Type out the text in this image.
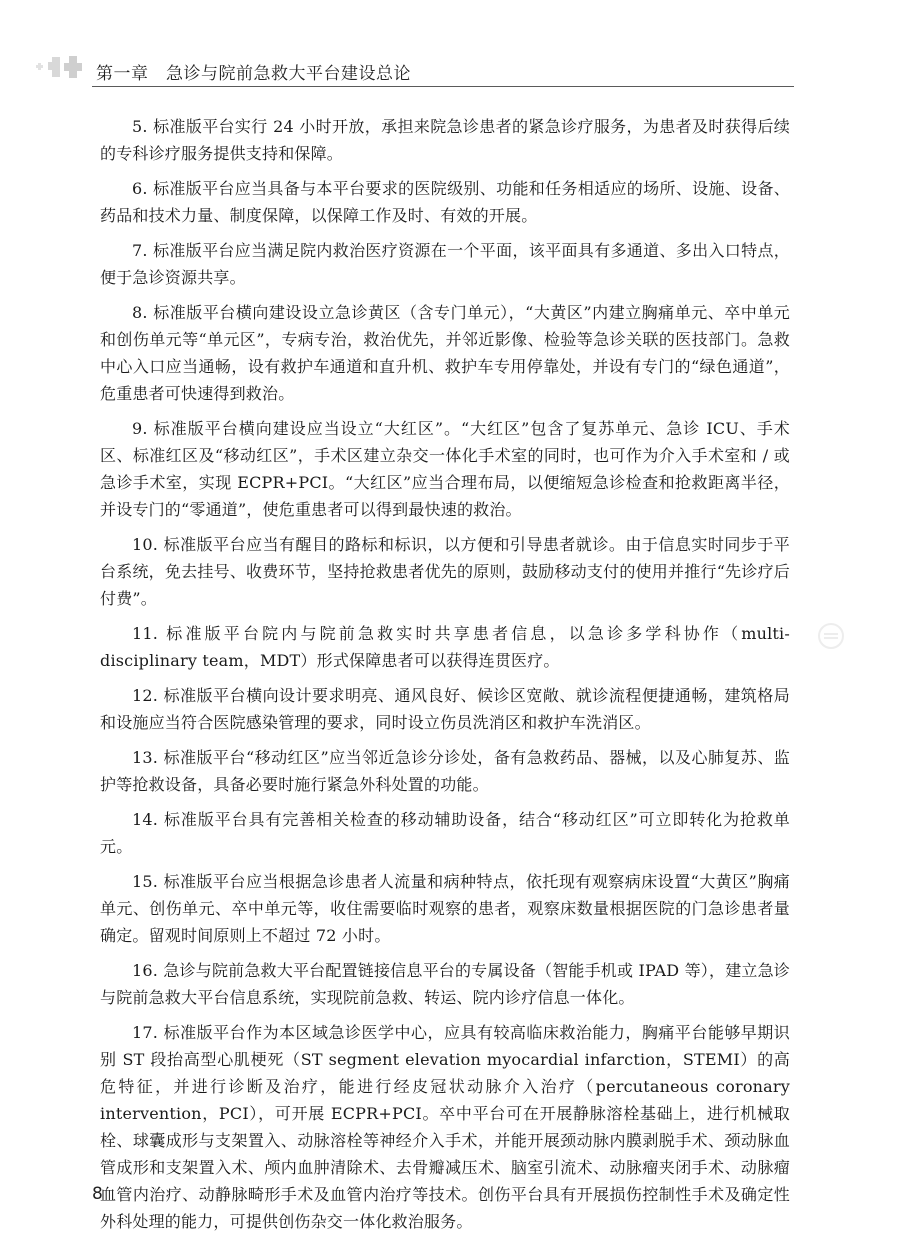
第一章　急诊与院前急救大平台建设总论

5. 标准版平台实行 24 小时开放，承担来院急诊患者的紧急诊疗服务，为患者及时获得后续的专科诊疗服务提供支持和保障。

6. 标准版平台应当具备与本平台要求的医院级别、功能和任务相适应的场所、设施、设备、药品和技术力量、制度保障，以保障工作及时、有效的开展。

7. 标准版平台应当满足院内救治医疗资源在一个平面，该平面具有多通道、多出入口特点，便于急诊资源共享。

8. 标准版平台横向建设设立急诊黄区（含专门单元），“大黄区”内建立胸痛单元、卒中单元和创伤单元等“单元区”，专病专治，救治优先，并邻近影像、检验等急诊关联的医技部门。急救中心入口应当通畅，设有救护车通道和直升机、救护车专用停靠处，并设有专门的“绿色通道”，危重患者可快速得到救治。

9. 标准版平台横向建设应当设立“大红区”。“大红区”包含了复苏单元、急诊 ICU、手术区、标准红区及“移动红区”，手术区建立杂交一体化手术室的同时，也可作为介入手术室和 / 或急诊手术室，实现 ECPR+PCI。“大红区”应当合理布局，以便缩短急诊检查和抢救距离半径，并设专门的“零通道”，使危重患者可以得到最快速的救治。

10. 标准版平台应当有醒目的路标和标识，以方便和引导患者就诊。由于信息实时同步于平台系统，免去挂号、收费环节，坚持抢救患者优先的原则，鼓励移动支付的使用并推行“先诊疗后付费”。

11. 标准版平台院内与院前急救实时共享患者信息，以急诊多学科协作（multi-disciplinary team，MDT）形式保障患者可以获得连贯医疗。

12. 标准版平台横向设计要求明亮、通风良好、候诊区宽敞、就诊流程便捷通畅，建筑格局和设施应当符合医院感染管理的要求，同时设立伤员洗消区和救护车洗消区。

13. 标准版平台“移动红区”应当邻近急诊分诊处，备有急救药品、器械，以及心肺复苏、监护等抢救设备，具备必要时施行紧急外科处置的功能。

14. 标准版平台具有完善相关检查的移动辅助设备，结合“移动红区”可立即转化为抢救单元。

15. 标准版平台应当根据急诊患者人流量和病种特点，依托现有观察病床设置“大黄区”胸痛单元、创伤单元、卒中单元等，收住需要临时观察的患者，观察床数量根据医院的门急诊患者量确定。留观时间原则上不超过 72 小时。

16. 急诊与院前急救大平台配置链接信息平台的专属设备（智能手机或 IPAD 等），建立急诊与院前急救大平台信息系统，实现院前急救、转运、院内诊疗信息一体化。

17. 标准版平台作为本区域急诊医学中心，应具有较高临床救治能力，胸痛平台能够早期识别 ST 段抬高型心肌梗死（ST segment elevation myocardial infarction，STEMI）的高危特征，并进行诊断及治疗，能进行经皮冠状动脉介入治疗（percutaneous coronary intervention，PCI），可开展 ECPR+PCI。卒中平台可在开展静脉溶栓基础上，进行机械取栓、球囊成形与支架置入、动脉溶栓等神经介入手术，并能开展颈动脉内膜剥脱手术、颈动脉血管成形和支架置入术、颅内血肿清除术、去骨瓣减压术、脑室引流术、动脉瘤夹闭手术、动脉瘤血管内治疗、动静脉畸形手术及血管内治疗等技术。创伤平台具有开展损伤控制性手术及确定性外科处理的能力，可提供创伤杂交一体化救治服务。

8
